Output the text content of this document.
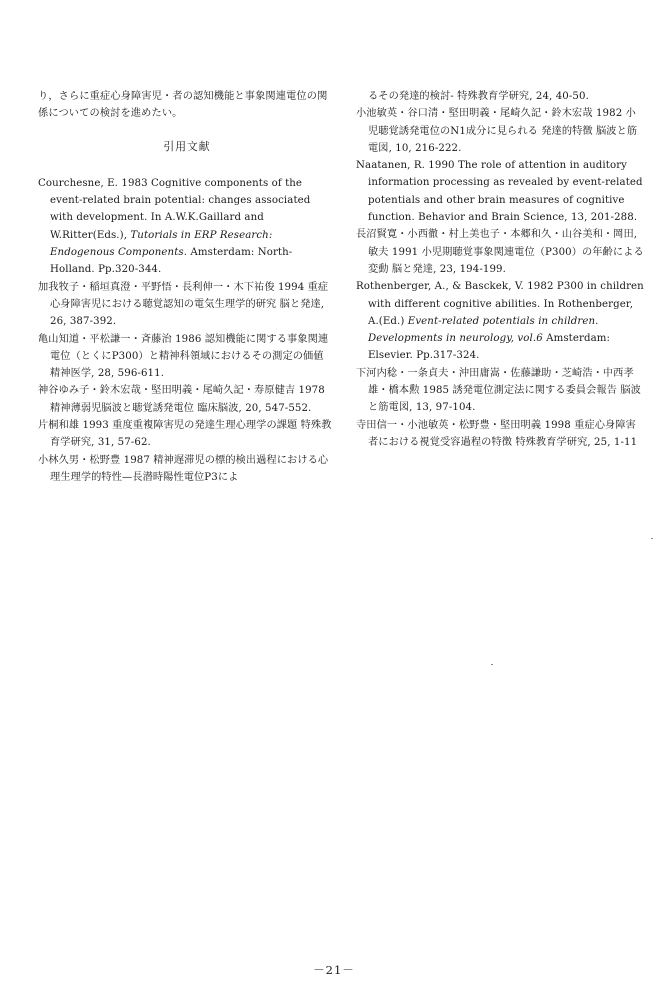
り，さらに重症心身障害児・者の認知機能と事象関連電位の関係についての検討を進めたい。

引用文献

Courchesne, E. 1983 Cognitive components of the event-related brain potential: changes associated with development. In A.W.K.Gaillard and W.Ritter(Eds.), Tutorials in ERP Research: Endogenous Components. Amsterdam: North-Holland. Pp.320-344.

加我牧子・稲垣真澄・平野悟・長利伸一・木下祐俊 1994 重症心身障害児における聴覚認知の電気生理学的研究 脳と発達, 26, 387-392.

亀山知道・平松謙一・斉藤治 1986 認知機能に関する事象関連電位（とくにP300）と精神科領域におけるその測定の価値 精神医学, 28, 596-611.

神谷ゆみ子・鈴木宏哉・堅田明義・尾崎久記・寿原健吉 1978 精神薄弱児脳波と聴覚誘発電位 臨床脳波, 20, 547-552.

片桐和雄 1993 重度重複障害児の発達生理心理学の課題 特殊教育学研究, 31, 57-62.

小林久男・松野豊 1987 精神遅滞児の標的検出過程における心理生理学的特性—長潜時陽性電位P3によ

るその発達的検討- 特殊教育学研究, 24, 40-50.

小池敏英・谷口清・堅田明義・尾崎久記・鈴木宏哉 1982 小児聴覚誘発電位のN1成分に見られる 発達的特徴 脳波と筋電図, 10, 216-222.

Naatanen, R. 1990 The role of attention in auditory information processing as revealed by event-related potentials and other brain measures of cognitive function. Behavior and Brain Science, 13, 201-288.

長沼賢寛・小西徹・村上美也子・本郷和久・山谷美和・岡田,敏夫 1991 小児期聴覚事象関連電位（P300）の年齢による変動 脳と発達, 23, 194-199.

Rothenberger, A., & Basckek, V. 1982 P300 in children with different cognitive abilities. In Rothenberger, A.(Ed.) Event-related potentials in children. Developments in neurology, vol.6 Amsterdam: Elsevier. Pp.317-324.

下河内稔・一条貞夫・沖田庸嵩・佐藤謙助・芝崎浩・中西孝雄・橋本勲 1985 誘発電位測定法に関する委員会報告 脳波と筋電図, 13, 97-104.

寺田信一・小池敏英・松野豊・堅田明義 1998 重症心身障害者における視覚受容過程の特徴 特殊教育学研究, 25, 1-11

－21－
